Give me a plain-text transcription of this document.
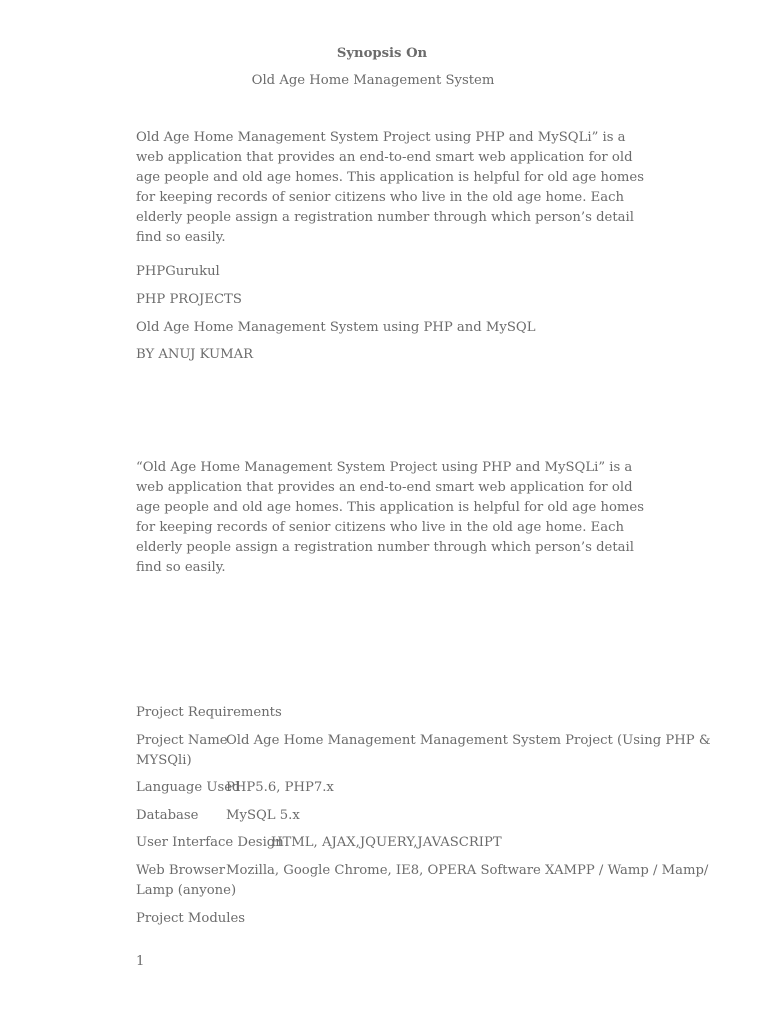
Synopsis On
Old Age Home Management System
Old Age Home Management System Project using PHP and MySQLi” is a web application that provides an end-to-end smart web application for old age people and old age homes. This application is helpful for old age homes for keeping records of senior citizens who live in the old age home. Each elderly people assign a registration number through which person’s detail find so easily.
PHPGurukul
PHP PROJECTS
Old Age Home Management System using PHP and MySQL
BY ANUJ KUMAR
“Old Age Home Management System Project using PHP and MySQLi” is a web application that provides an end-to-end smart web application for old age people and old age homes. This application is helpful for old age homes for keeping records of senior citizens who live in the old age home. Each elderly people assign a registration number through which person’s detail find so easily.
Project Requirements
Project Name
Old Age Home Management Management System Project (Using PHP &
MYSQli)
Language Used
PHP5.6, PHP7.x
Database MySQL 5.x
User Interface Design
HTML, AJAX,JQUERY,JAVASCRIPT
Web Browser Mozilla, Google Chrome, IE8, OPERA Software XAMPP / Wamp / Mamp/
Lamp (anyone)
Project Modules
1
